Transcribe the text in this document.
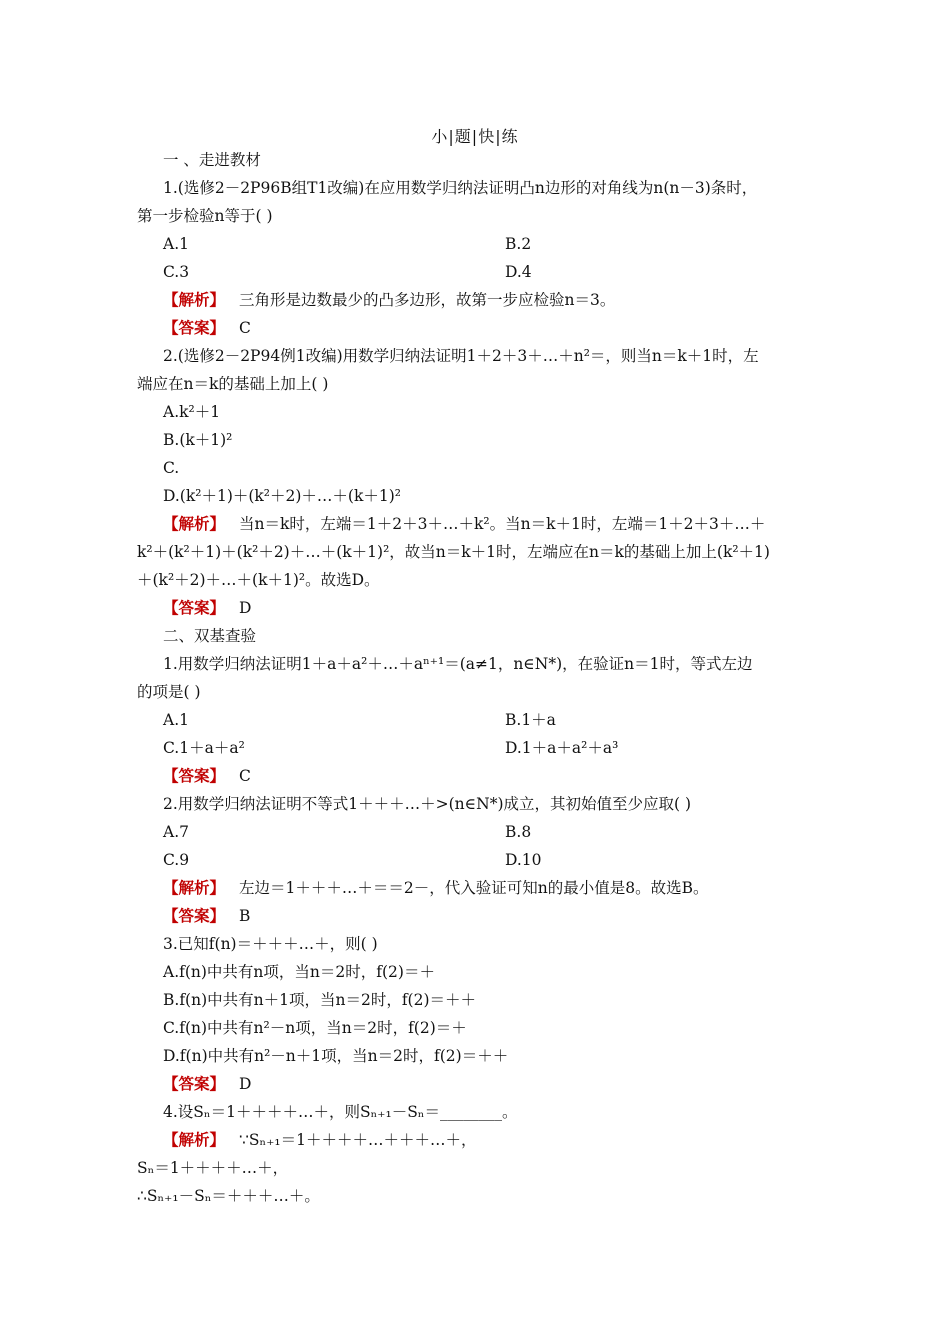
小|题|快|练
一 、走进教材
1.(选修2－2P96B组T1改编)在应用数学归纳法证明凸n边形的对角线为n(n－3)条时，
第一步检验n等于( )
A.1	B.2
C.3	D.4
【解析】 三角形是边数最少的凸多边形，故第一步应检验n＝3。
【答案】 C
2.(选修2－2P94例1改编)用数学归纳法证明1＋2＋3＋…＋n²＝，则当n＝k＋1时，左
端应在n＝k的基础上加上( )
A.k²＋1
B.(k＋1)²
C.
D.(k²＋1)＋(k²＋2)＋…＋(k＋1)²
【解析】 当n＝k时，左端＝1＋2＋3＋…＋k²。当n＝k＋1时，左端＝1＋2＋3＋…＋
k²＋(k²＋1)＋(k²＋2)＋…＋(k＋1)²，故当n＝k＋1时，左端应在n＝k的基础上加上(k²＋1)
＋(k²＋2)＋…＋(k＋1)²。故选D。
【答案】 D
二、双基查验
1.用数学归纳法证明1＋a＋a²＋…＋aⁿ⁺¹＝(a≠1，n∈N*)，在验证n＝1时，等式左边
的项是( )
A.1	B.1＋a
C.1＋a＋a²	D.1＋a＋a²＋a³
【答案】 C
2.用数学归纳法证明不等式1＋＋＋…＋>(n∈N*)成立，其初始值至少应取( )
A.7	B.8
C.9	D.10
【解析】 左边＝1＋＋＋…＋＝＝2－，代入验证可知n的最小值是8。故选B。
【答案】 B
3.已知f(n)＝＋＋＋…＋，则( )
A.f(n)中共有n项，当n＝2时，f(2)＝＋
B.f(n)中共有n＋1项，当n＝2时，f(2)＝＋＋
C.f(n)中共有n²－n项，当n＝2时，f(2)＝＋
D.f(n)中共有n²－n＋1项，当n＝2时，f(2)＝＋＋
【答案】 D
4.设Sₙ＝1＋＋＋＋…＋，则Sₙ₊₁－Sₙ＝________。
【解析】 ∵Sₙ₊₁＝1＋＋＋＋…＋＋＋…＋，
Sₙ＝1＋＋＋＋…＋，
∴Sₙ₊₁－Sₙ＝＋＋＋…＋。
